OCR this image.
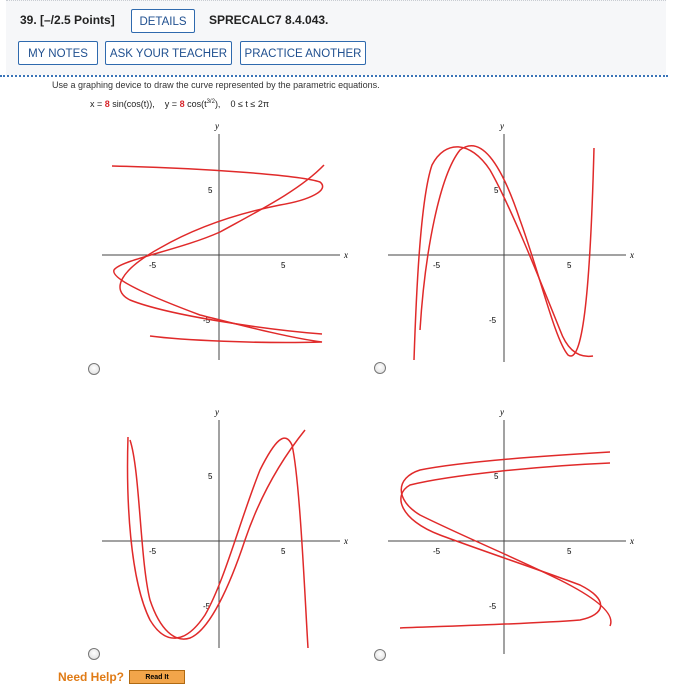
39. [–/2.5 Points]	DETAILS	SPRECALC7 8.4.043.
MY NOTES	ASK YOUR TEACHER	PRACTICE ANOTHER
Use a graphing device to draw the curve represented by the parametric equations.
x = 8 sin(cos(t)),    y = 8 $\cos(t^{3/2})$,    0 ≤ t ≤ 2π
x
y
-5	5
5
-5
x
y
-5	5
5
-5
x
y
-5	5
5
-5
x
y
-5	5
5
-5
Need Help?	Read It
